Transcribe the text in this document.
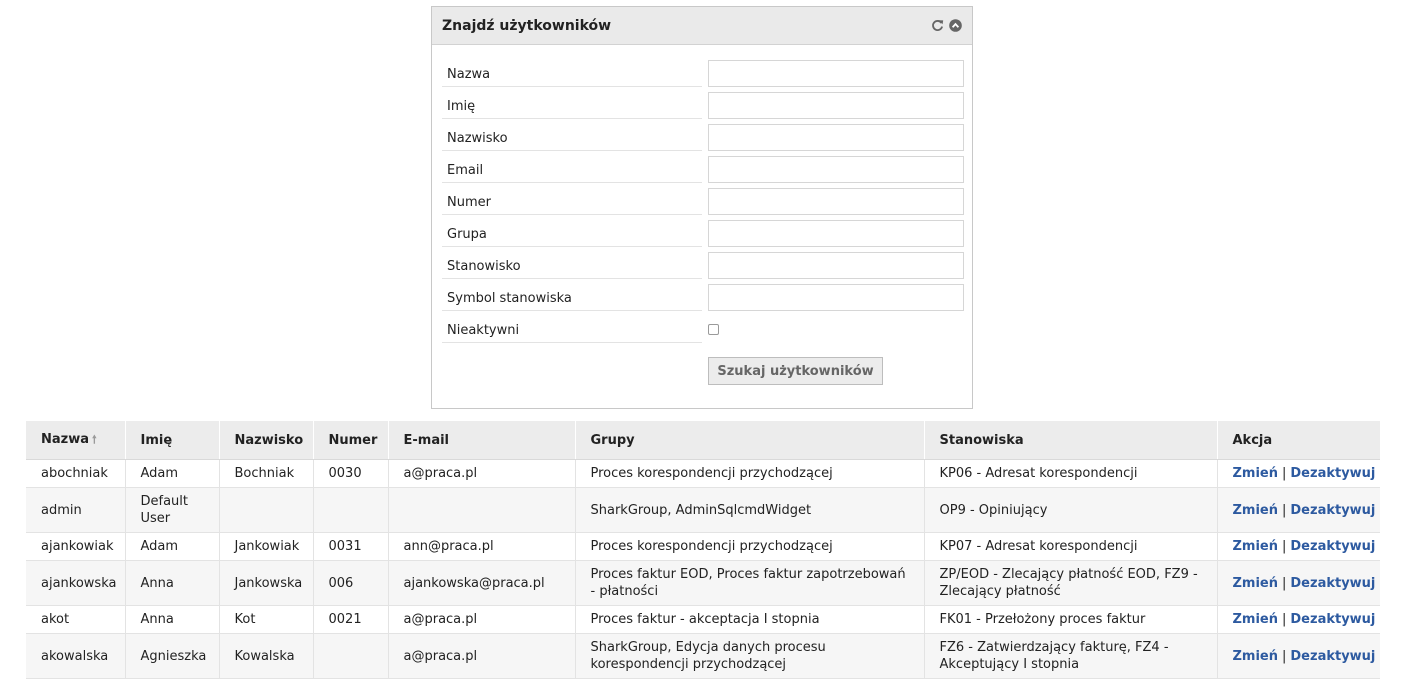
Znajdź użytkowników
Nazwa
Imię
Nazwisko
Email
Numer
Grupa
Stanowisko
Symbol stanowiska
Nieaktywni
Szukaj użytkowników
Nazwa 🠕	Imię	Nazwisko	Numer	E-mail	Grupy	Stanowiska	Akcja
abochniak	Adam	Bochniak	0030	a@praca.pl	Proces korespondencji przychodzącej	KP06 - Adresat korespondencji	Zmień | Dezaktywuj
admin	Default User				SharkGroup, AdminSqlcmdWidget	OP9 - Opiniujący	Zmień | Dezaktywuj
ajankowiak	Adam	Jankowiak	0031	ann@praca.pl	Proces korespondencji przychodzącej	KP07 - Adresat korespondencji	Zmień | Dezaktywuj
ajankowska	Anna	Jankowska	006	ajankowska@praca.pl	Proces faktur EOD, Proces faktur zapotrzebowań - płatności	ZP/EOD - Zlecający płatność EOD, FZ9 - Zlecający płatność	Zmień | Dezaktywuj
akot	Anna	Kot	0021	a@praca.pl	Proces faktur - akceptacja I stopnia	FK01 - Przełożony proces faktur	Zmień | Dezaktywuj
akowalska	Agnieszka	Kowalska		a@praca.pl	SharkGroup, Edycja danych procesu korespondencji przychodzącej	FZ6 - Zatwierdzający fakturę, FZ4 - Akceptujący I stopnia	Zmień | Dezaktywuj
